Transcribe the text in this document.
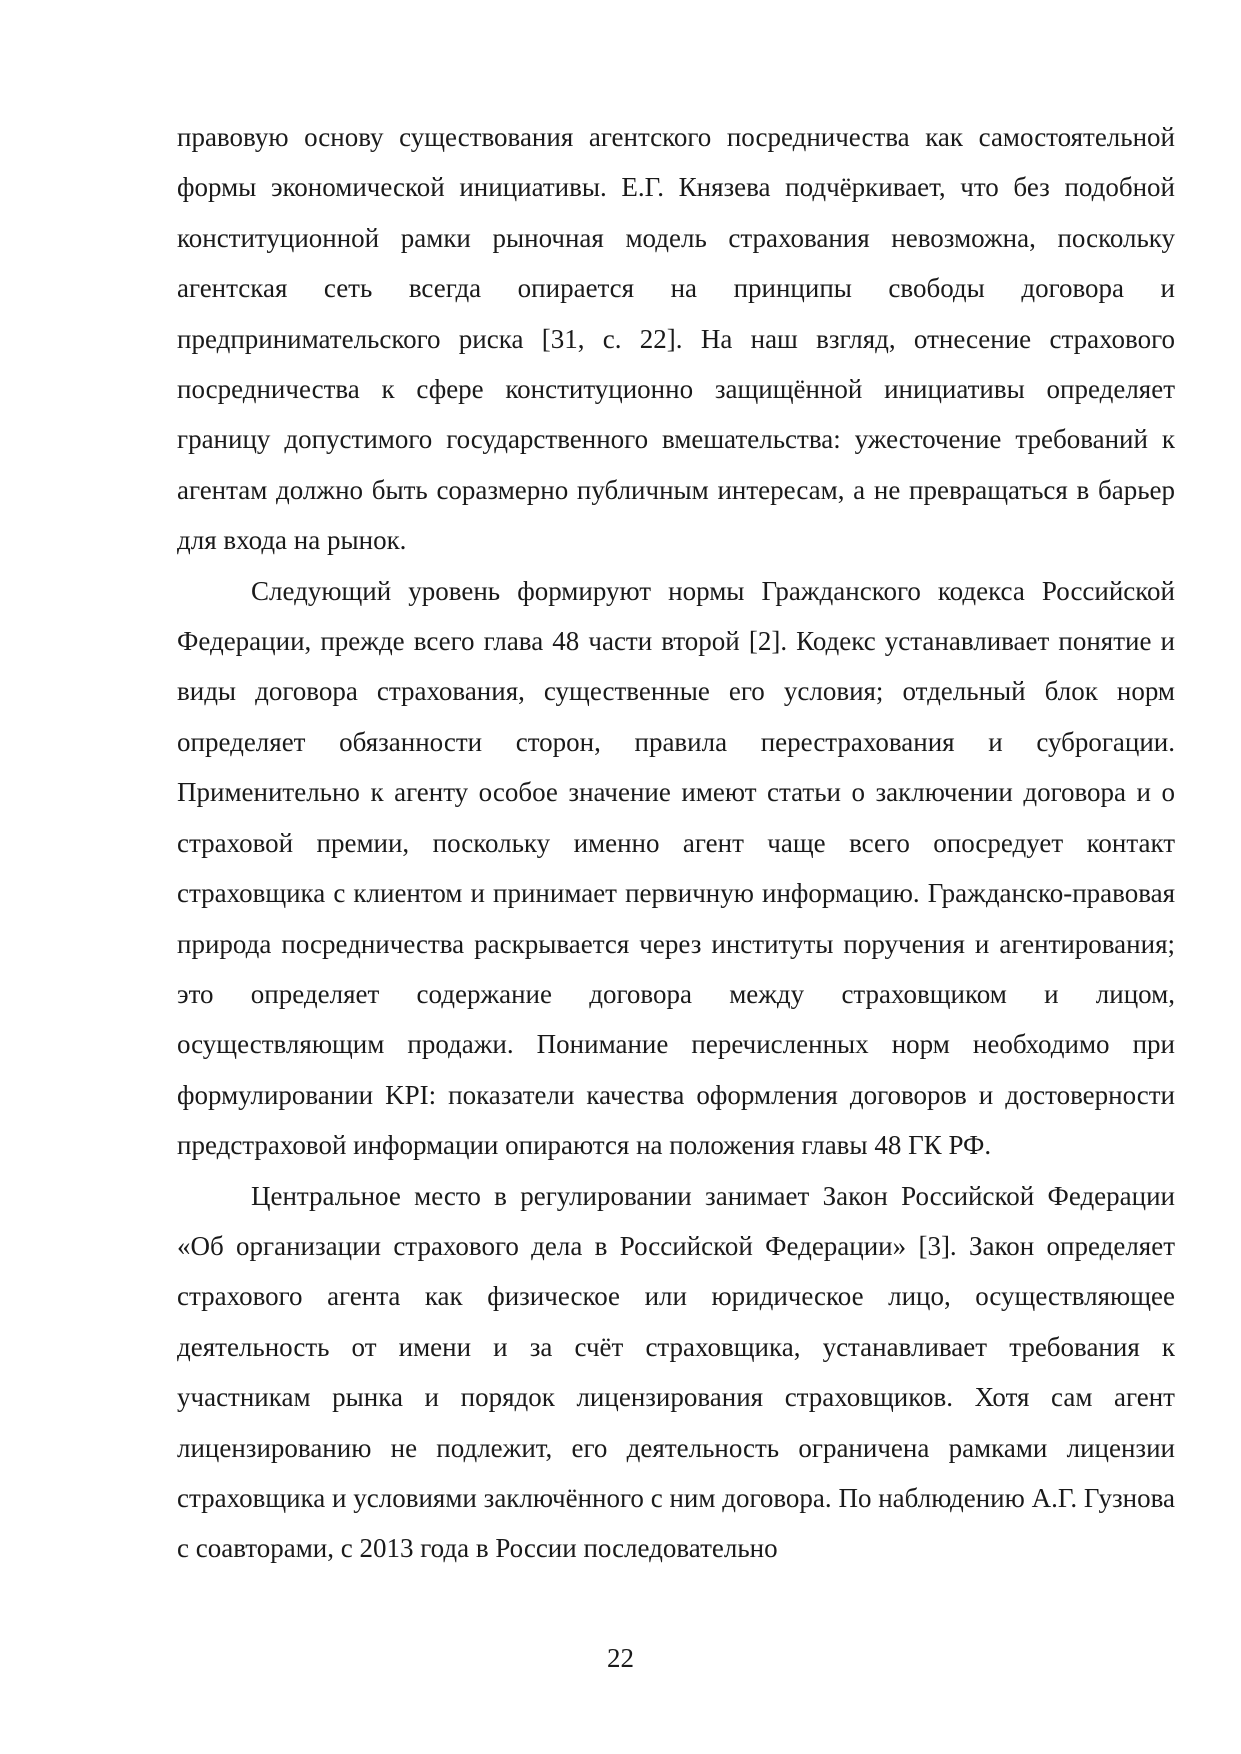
правовую основу существования агентского посредничества как самостоятельной формы экономической инициативы. Е.Г. Князева подчёркивает, что без подобной конституционной рамки рыночная модель страхования невозможна, поскольку агентская сеть всегда опирается на принципы свободы договора и предпринимательского риска [31, с. 22]. На наш взгляд, отнесение страхового посредничества к сфере конституционно защищённой инициативы определяет границу допустимого государственного вмешательства: ужесточение требований к агентам должно быть соразмерно публичным интересам, а не превращаться в барьер для входа на рынок.

Следующий уровень формируют нормы Гражданского кодекса Российской Федерации, прежде всего глава 48 части второй [2]. Кодекс устанавливает понятие и виды договора страхования, существенные его условия; отдельный блок норм определяет обязанности сторон, правила перестрахования и суброгации. Применительно к агенту особое значение имеют статьи о заключении договора и о страховой премии, поскольку именно агент чаще всего опосредует контакт страховщика с клиентом и принимает первичную информацию. Гражданско-правовая природа посредничества раскрывается через институты поручения и агентирования; это определяет содержание договора между страховщиком и лицом, осуществляющим продажи. Понимание перечисленных норм необходимо при формулировании KPI: показатели качества оформления договоров и достоверности предстраховой информации опираются на положения главы 48 ГК РФ.

Центральное место в регулировании занимает Закон Российской Федерации «Об организации страхового дела в Российской Федерации» [3]. Закон определяет страхового агента как физическое или юридическое лицо, осуществляющее деятельность от имени и за счёт страховщика, устанавливает требования к участникам рынка и порядок лицензирования страховщиков. Хотя сам агент лицензированию не подлежит, его деятельность ограничена рамками лицензии страховщика и условиями заключённого с ним договора. По наблюдению А.Г. Гузнова с соавторами, с 2013 года в России последовательно

22
